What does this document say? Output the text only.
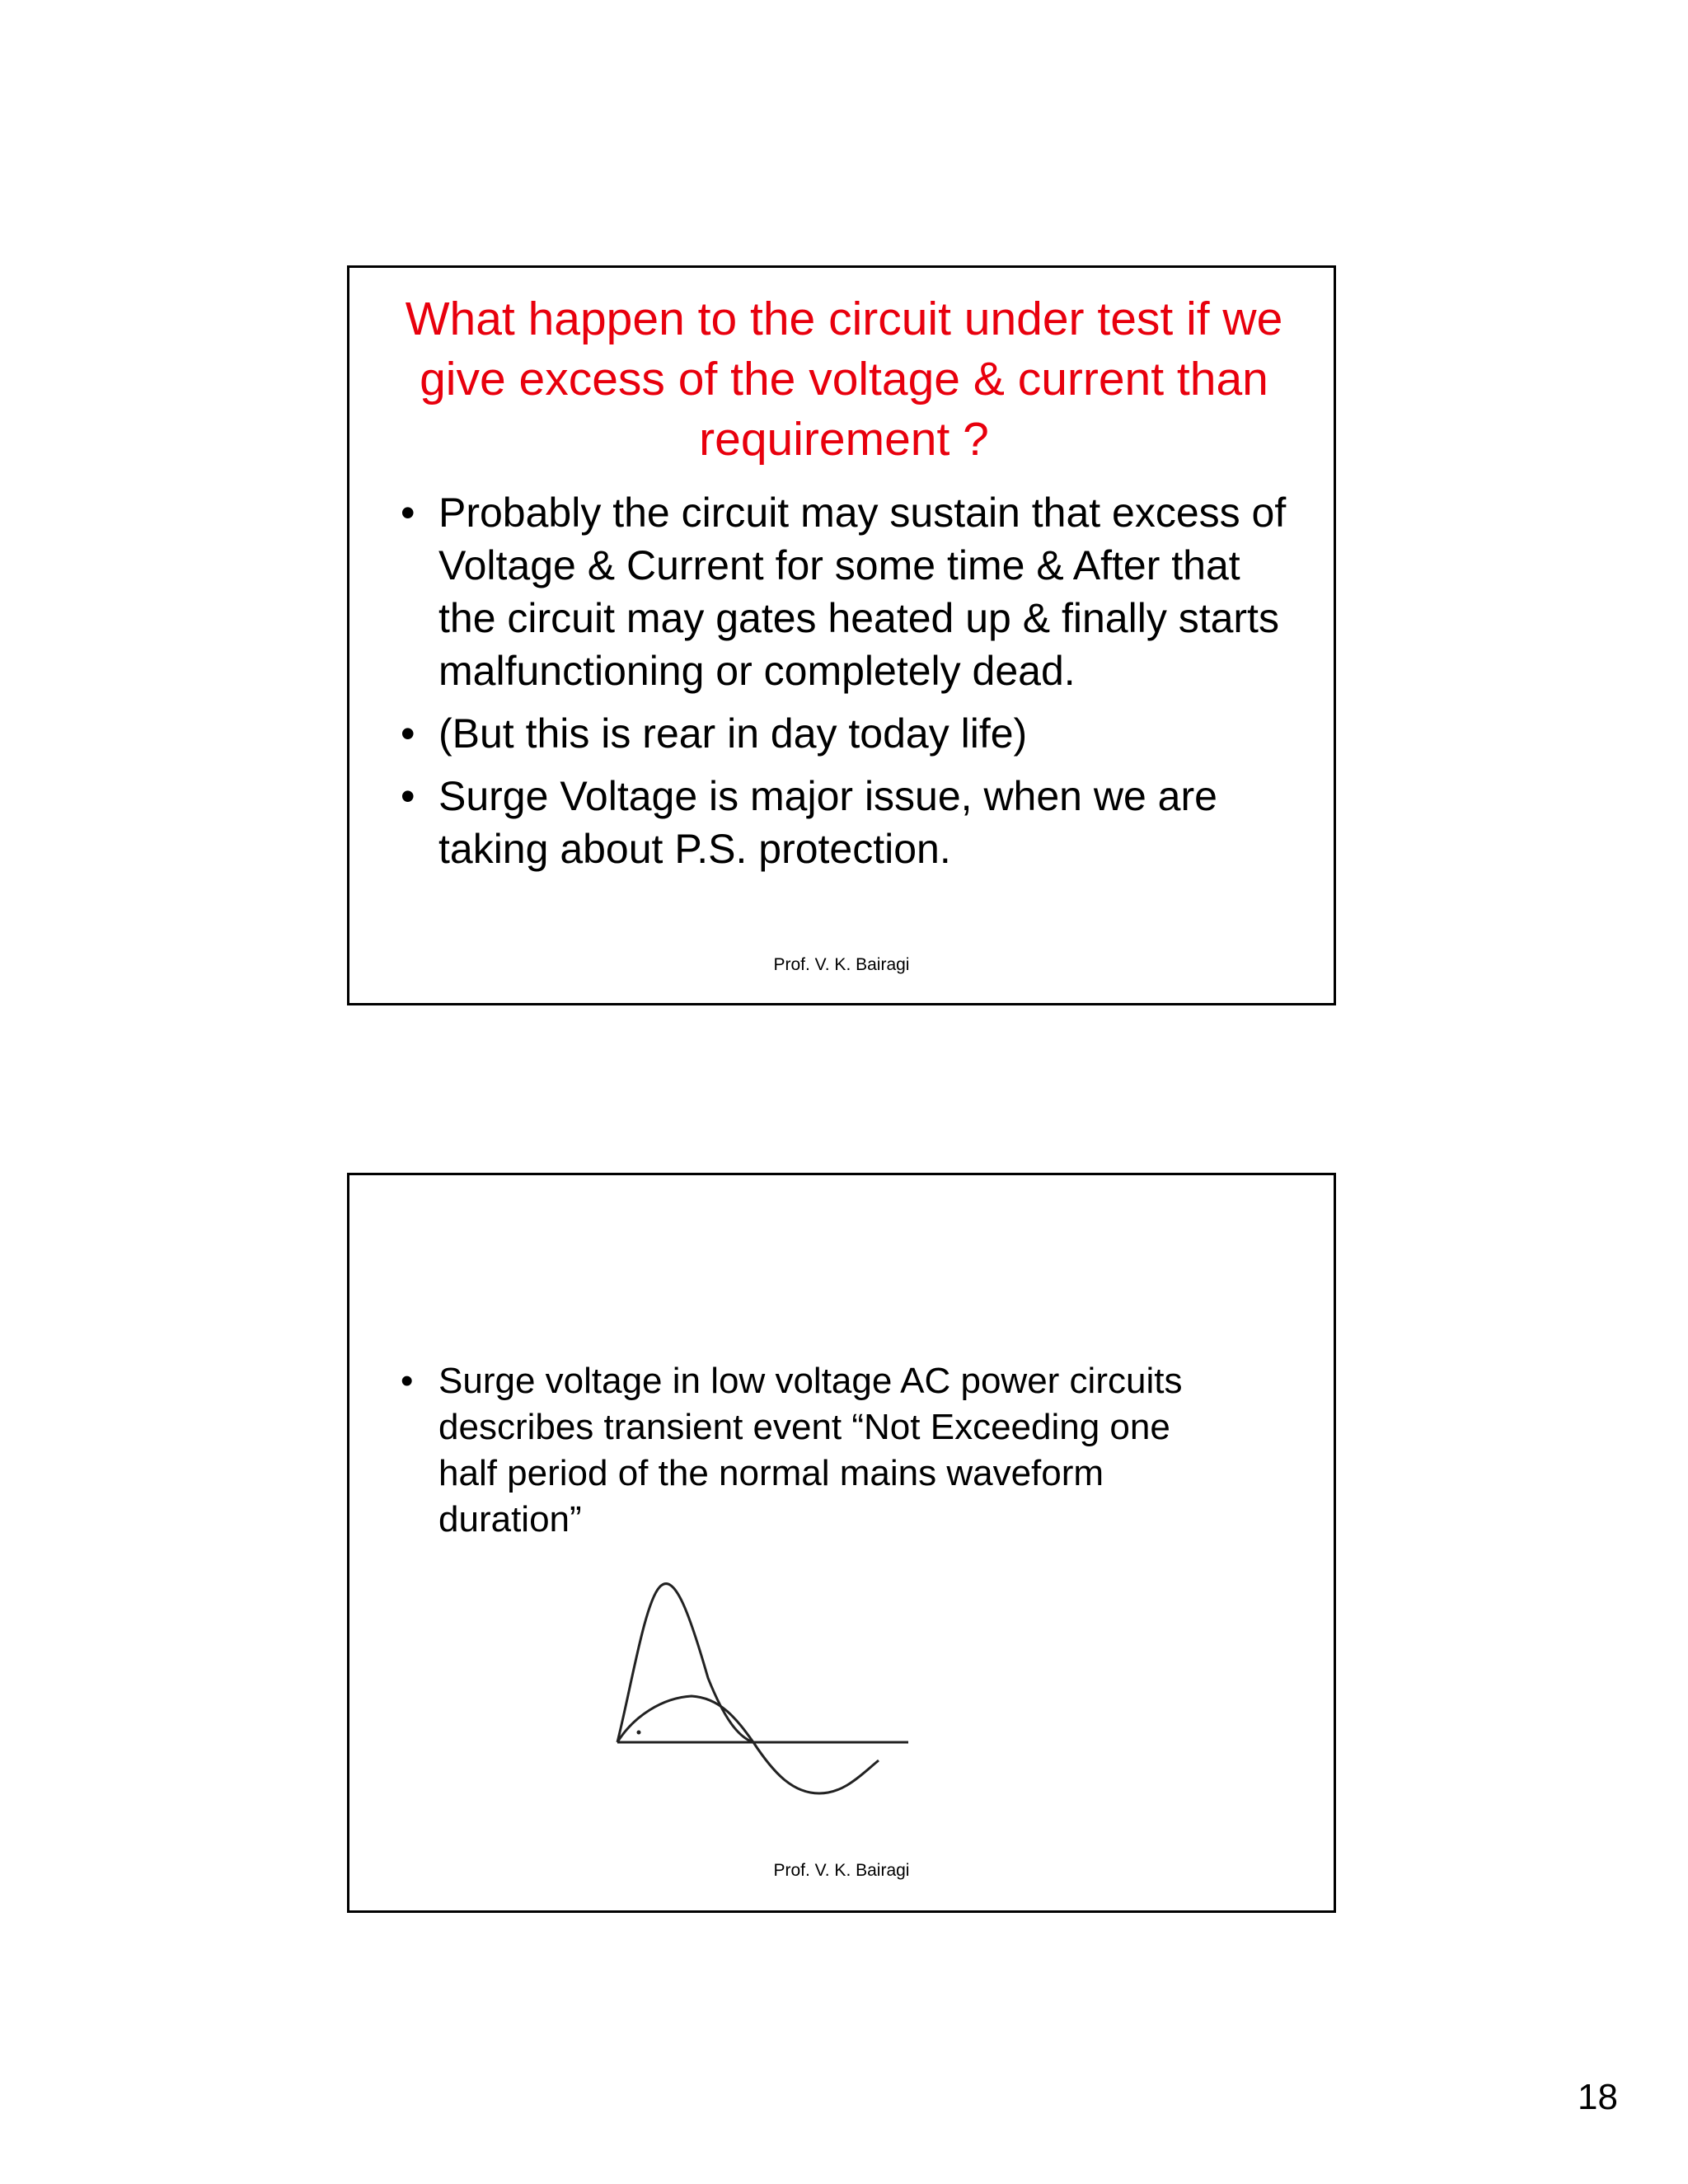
What happen to the circuit under test if we give excess of the voltage & current than requirement ?
• Probably the circuit may sustain that excess of Voltage & Current for some time & After that the circuit may gates heated up & finally starts malfunctioning or completely dead.
• (But this is rear in day today life)
• Surge Voltage is major issue, when we are taking about P.S. protection.
Prof. V. K. Bairagi
• Surge voltage in low voltage AC power circuits describes transient event “Not Exceeding one half period of the normal mains waveform duration”
Prof. V. K. Bairagi
18
